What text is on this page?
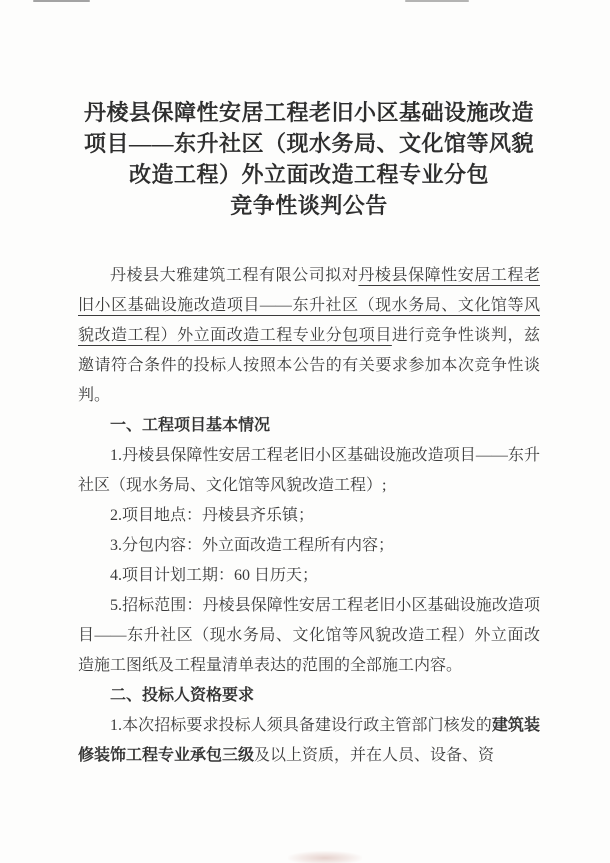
丹棱县保障性安居工程老旧小区基础设施改造
项目——东升社区（现水务局、文化馆等风貌
改造工程）外立面改造工程专业分包
竞争性谈判公告

丹棱县大雅建筑工程有限公司拟对丹棱县保障性安居工程老旧小区基础设施改造项目——东升社区（现水务局、文化馆等风貌改造工程）外立面改造工程专业分包项目进行竞争性谈判，兹邀请符合条件的投标人按照本公告的有关要求参加本次竞争性谈判。

一、工程项目基本情况

1.丹棱县保障性安居工程老旧小区基础设施改造项目——东升社区（现水务局、文化馆等风貌改造工程）;

2.项目地点：丹棱县齐乐镇；

3.分包内容：外立面改造工程所有内容；

4.项目计划工期：60 日历天；

5.招标范围：丹棱县保障性安居工程老旧小区基础设施改造项目——东升社区（现水务局、文化馆等风貌改造工程）外立面改造施工图纸及工程量清单表达的范围的全部施工内容。

二、投标人资格要求

1.本次招标要求投标人须具备建设行政主管部门核发的建筑装修装饰工程专业承包三级及以上资质，并在人员、设备、资
